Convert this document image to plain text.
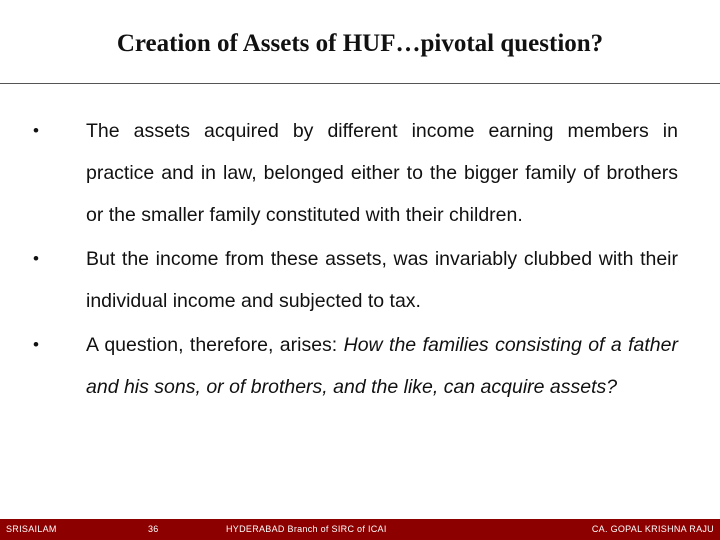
Creation of Assets of HUF…pivotal question?
• The assets acquired by different income earning members in practice and in law, belonged either to the bigger family of brothers or the smaller family constituted with their children.
• But the income from these assets, was invariably clubbed with their individual income and subjected to tax.
• A question, therefore, arises: How the families consisting of a father and his sons, or of brothers, and the like, can acquire assets?
SRISAILAM	36	HYDERABAD Branch of SIRC of ICAI	CA. GOPAL KRISHNA RAJU
